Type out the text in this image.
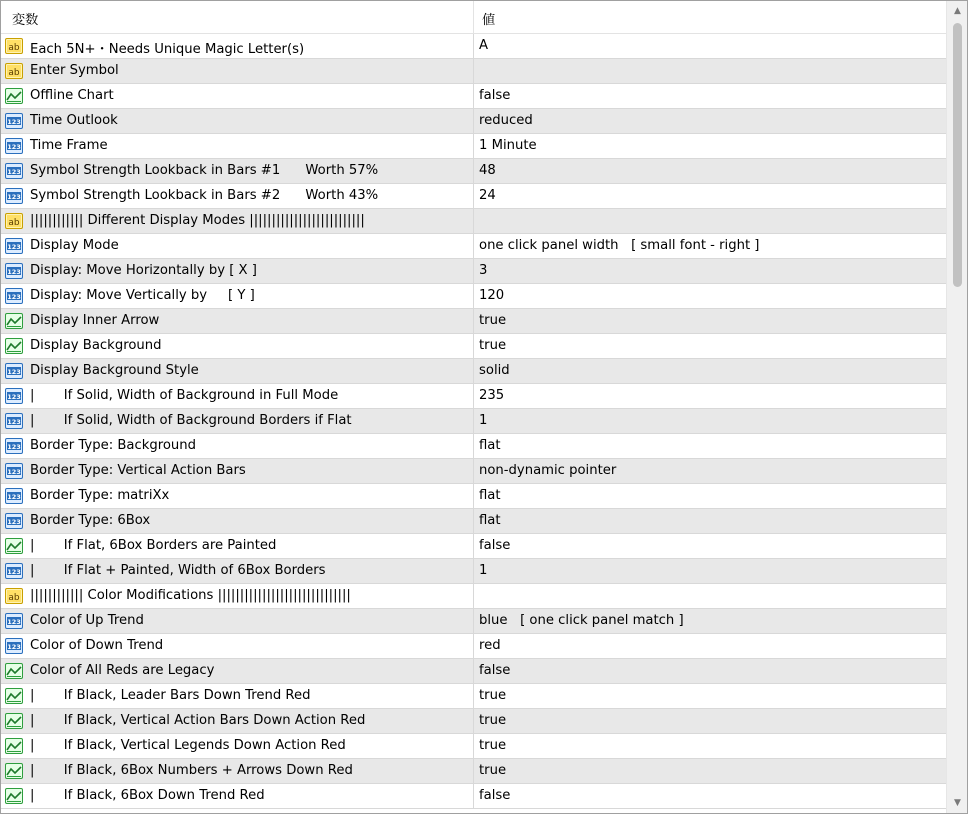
変数	値
ab Each 5N+・Needs Unique Magic Letter(s)	A
ab Enter Symbol
Offline Chart	false
123 Time Outlook	reduced
123 Time Frame	1 Minute
123 Symbol Strength Lookback in Bars #1      Worth 57%	48
123 Symbol Strength Lookback in Bars #2      Worth 43%	24
ab |||||||||||| Different Display Modes ||||||||||||||||||||||||||
123 Display Mode	one click panel width   [ small font - right ]
123 Display: Move Horizontally by [ X ]	3
123 Display: Move Vertically by     [ Y ]	120
Display Inner Arrow	true
Display Background	true
123 Display Background Style	solid
123 |       If Solid, Width of Background in Full Mode	235
123 |       If Solid, Width of Background Borders if Flat	1
123 Border Type: Background	flat
123 Border Type: Vertical Action Bars	non-dynamic pointer
123 Border Type: matriXx	flat
123 Border Type: 6Box	flat
|       If Flat, 6Box Borders are Painted	false
123 |       If Flat + Painted, Width of 6Box Borders	1
ab |||||||||||| Color Modifications ||||||||||||||||||||||||||||||
123 Color of Up Trend	blue   [ one click panel match ]
123 Color of Down Trend	red
Color of All Reds are Legacy	false
|       If Black, Leader Bars Down Trend Red	true
|       If Black, Vertical Action Bars Down Action Red	true
|       If Black, Vertical Legends Down Action Red	true
|       If Black, 6Box Numbers + Arrows Down Red	true
|       If Black, 6Box Down Trend Red	false
▲
▼
